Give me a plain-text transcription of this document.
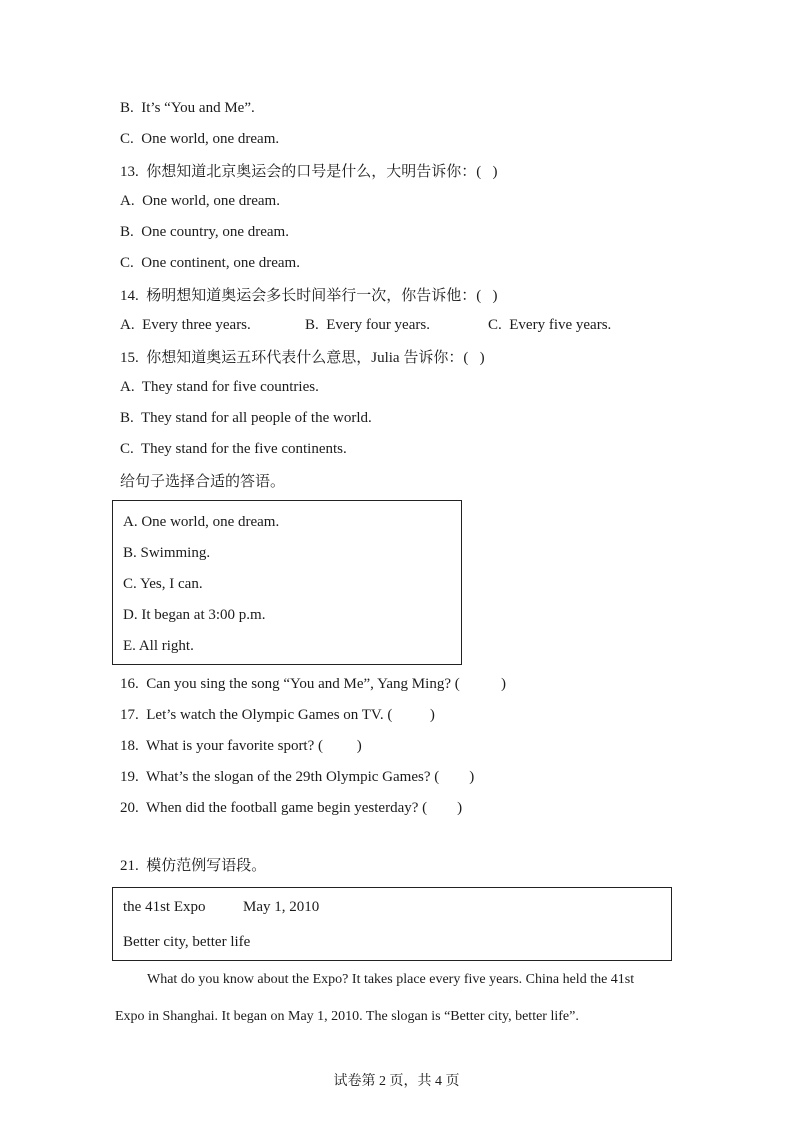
B.  It’s “You and Me”.
C.  One world, one dream.
13.  你想知道北京奥运会的口号是什么，大明告诉你：(   )
A.  One world, one dream.
B.  One country, one dream.
C.  One continent, one dream.
14.  杨明想知道奥运会多长时间举行一次，你告诉他：(   )
A.  Every three years.	B.  Every four years.	C.  Every five years.
15.  你想知道奥运五环代表什么意思，Julia 告诉你：(   )
A.  They stand for five countries.
B.  They stand for all people of the world.
C.  They stand for the five continents.
给句子选择合适的答语。
A. One world, one dream.
B. Swimming.
C. Yes, I can.
D. It began at 3:00 p.m.
E. All right.
16.  Can you sing the song “You and Me”, Yang Ming? (           )
17.  Let’s watch the Olympic Games on TV. (          )
18.  What is your favorite sport? (         )
19.  What’s the slogan of the 29th Olympic Games? (        )
20.  When did the football game begin yesterday? (        )
21.  模仿范例写语段。
the 41st Expo          May 1, 2010
Better city, better life
What do you know about the Expo? It takes place every five years. China held the 41st
Expo in Shanghai. It began on May 1, 2010. The slogan is “Better city, better life”.
试卷第 2 页，共 4 页
